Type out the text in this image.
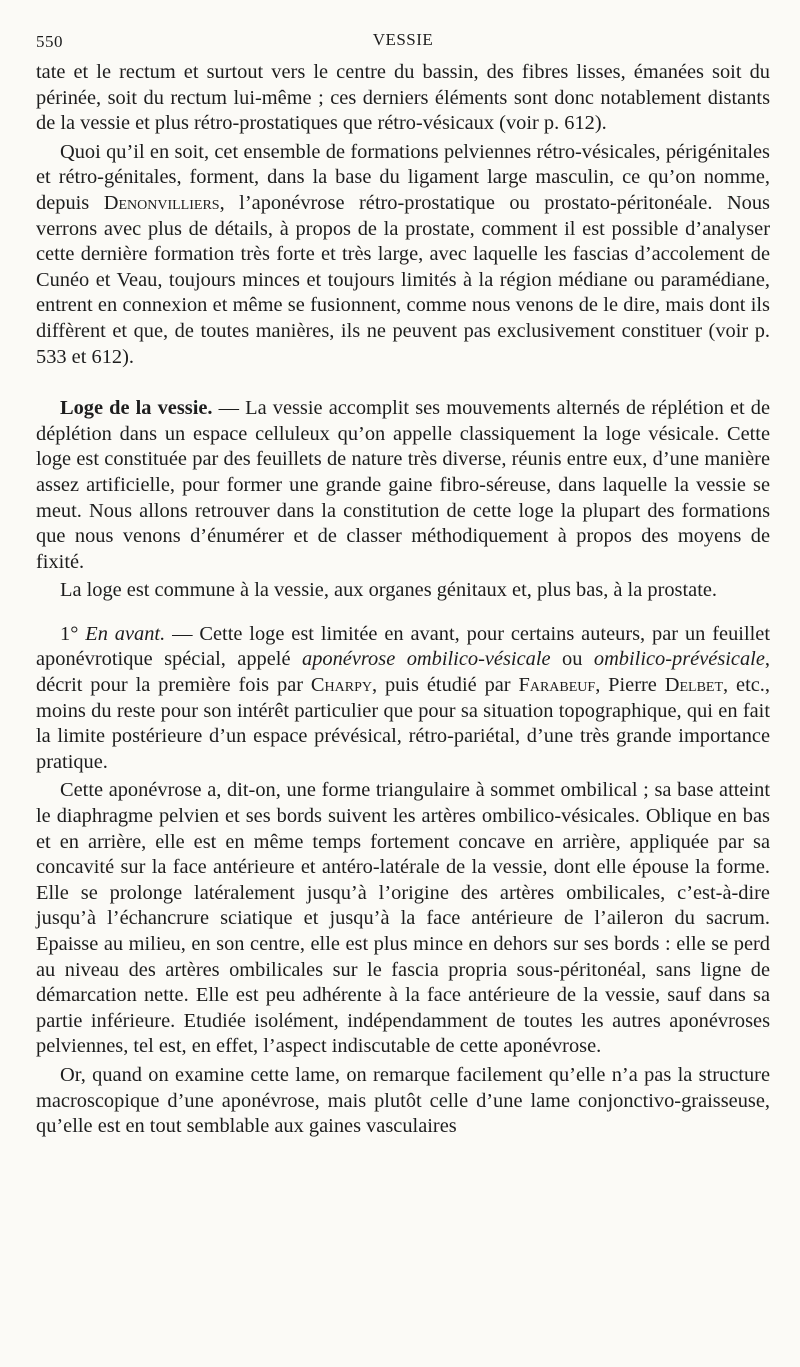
550	VESSIE

tate et le rectum et surtout vers le centre du bassin, des fibres lisses, émanées soit du périnée, soit du rectum lui-même ; ces derniers éléments sont donc notablement distants de la vessie et plus rétro-prostatiques que rétro-vésicaux (voir p. 612).

Quoi qu’il en soit, cet ensemble de formations pelviennes rétro-vésicales, périgénitales et rétro-génitales, forment, dans la base du ligament large masculin, ce qu’on nomme, depuis Denonvilliers, l’aponévrose rétro-prostatique ou prostato-péritonéale. Nous verrons avec plus de détails, à propos de la prostate, comment il est possible d’analyser cette dernière formation très forte et très large, avec laquelle les fascias d’accolement de Cunéo et Veau, toujours minces et toujours limités à la région médiane ou paramédiane, entrent en connexion et même se fusionnent, comme nous venons de le dire, mais dont ils diffèrent et que, de toutes manières, ils ne peuvent pas exclusivement constituer (voir p. 533 et 612).

Loge de la vessie. — La vessie accomplit ses mouvements alternés de réplétion et de déplétion dans un espace celluleux qu’on appelle classiquement la loge vésicale. Cette loge est constituée par des feuillets de nature très diverse, réunis entre eux, d’une manière assez artificielle, pour former une grande gaine fibro-séreuse, dans laquelle la vessie se meut. Nous allons retrouver dans la constitution de cette loge la plupart des formations que nous venons d’énumérer et de classer méthodiquement à propos des moyens de fixité.

La loge est commune à la vessie, aux organes génitaux et, plus bas, à la prostate.

1° En avant. — Cette loge est limitée en avant, pour certains auteurs, par un feuillet aponévrotique spécial, appelé aponévrose ombilico-vésicale ou ombilico-prévésicale, décrit pour la première fois par Charpy, puis étudié par Farabeuf, Pierre Delbet, etc., moins du reste pour son intérêt particulier que pour sa situation topographique, qui en fait la limite postérieure d’un espace prévésical, rétro-pariétal, d’une très grande importance pratique.

Cette aponévrose a, dit-on, une forme triangulaire à sommet ombilical ; sa base atteint le diaphragme pelvien et ses bords suivent les artères ombilico-vésicales. Oblique en bas et en arrière, elle est en même temps fortement concave en arrière, appliquée par sa concavité sur la face antérieure et antéro-latérale de la vessie, dont elle épouse la forme. Elle se prolonge latéralement jusqu’à l’origine des artères ombilicales, c’est-à-dire jusqu’à l’échancrure sciatique et jusqu’à la face antérieure de l’aileron du sacrum. Epaisse au milieu, en son centre, elle est plus mince en dehors sur ses bords : elle se perd au niveau des artères ombilicales sur le fascia propria sous-péritonéal, sans ligne de démarcation nette. Elle est peu adhérente à la face antérieure de la vessie, sauf dans sa partie inférieure. Etudiée isolément, indépendamment de toutes les autres aponévroses pelviennes, tel est, en effet, l’aspect indiscutable de cette aponévrose.

Or, quand on examine cette lame, on remarque facilement qu’elle n’a pas la structure macroscopique d’une aponévrose, mais plutôt celle d’une lame conjonctivo-graisseuse, qu’elle est en tout semblable aux gaines vasculaires
